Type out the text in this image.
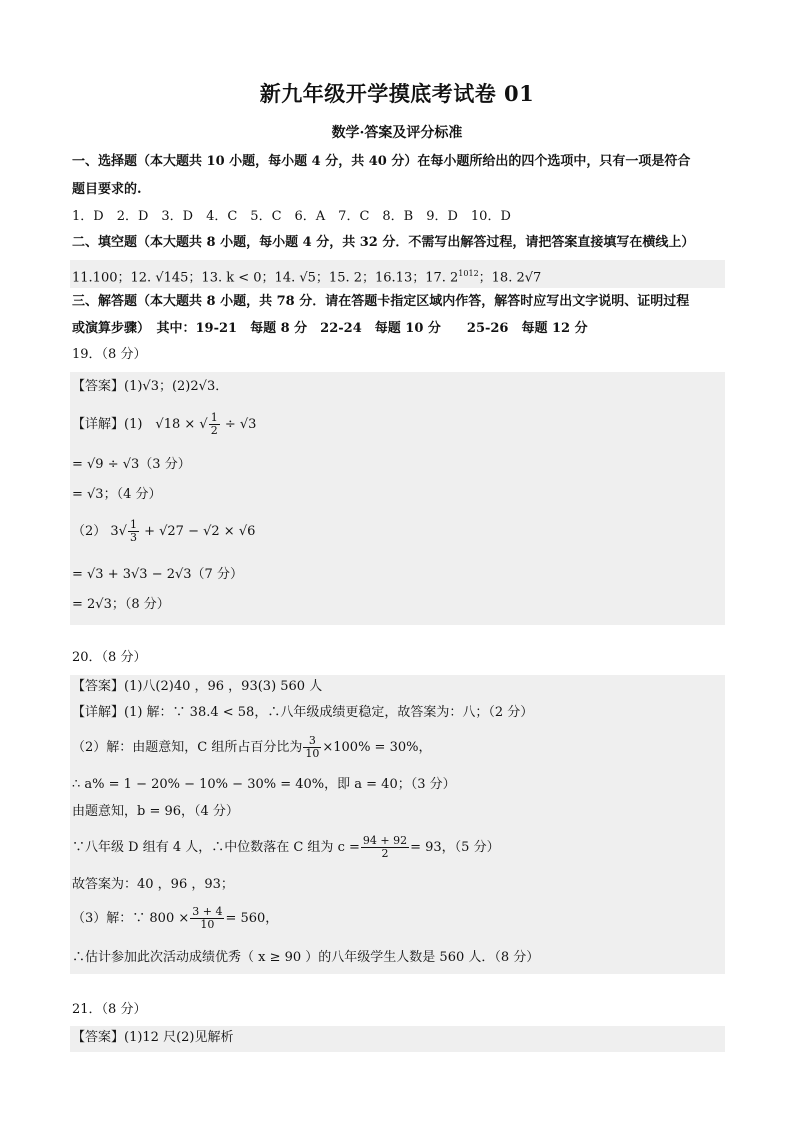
新九年级开学摸底考试卷 01
数学·答案及评分标准
一、选择题（本大题共 10 小题，每小题 4 分，共 40 分）在每小题所给出的四个选项中，只有一项是符合
题目要求的.
1．D　2．D　3．D　4．C　5．C　6．A　7．C　8．B　9．D　10．D
二、填空题（本大题共 8 小题，每小题 4 分，共 32 分．不需写出解答过程，请把答案直接填写在横线上）
11.100；12. √145；13. k < 0；14. √5；15. 2；16.13；17. $2^{1012}$；18. 2√7
三、解答题（本大题共 8 小题，共 78 分．请在答题卡指定区域内作答，解答时应写出文字说明、证明过程
或演算步骤）　其中：19-21　每题 8 分　22-24　每题 10 分　　25-26　每题 12 分
19．（8 分）
【答案】(1)√3；(2)2√3．
【详解】(1)　√18 × √ $\frac{1}{2} \div √3$
= √9 ÷ √3（3 分）
= √3；（4 分）
（2） $3√ \frac{1}{3} + √27 - √2 \times √6$
= √3 + 3√3 − 2√3（7 分）
= 2√3；（8 分）
20．（8 分）
【答案】(1)八(2)40 ，96 ，93(3) 560 人
【详解】(1) 解：∵ 38.4 < 58，∴八年级成绩更稳定，故答案为：八；（2 分）
（2）解：由题意知，C 组所占百分比为 $\frac{3}{10} \times 100\% = 30\%$，
∴ a% = 1 − 20% − 10% − 30% = 40%，即 a = 40；（3 分）
由题意知，b = 96，（4 分）
∵八年级 D 组有 4 人，∴中位数落在 C 组为 $c = \frac{94 + 92}{2} = 93$，（5 分）
故答案为：40 ，96 ，93；
（3）解：∵ $800 \times \frac{3 + 4}{10} = 560$，
∴估计参加此次活动成绩优秀（ x ≥ 90 ）的八年级学生人数是 560 人．（8 分）
21．（8 分）
【答案】(1)12 尺(2)见解析
